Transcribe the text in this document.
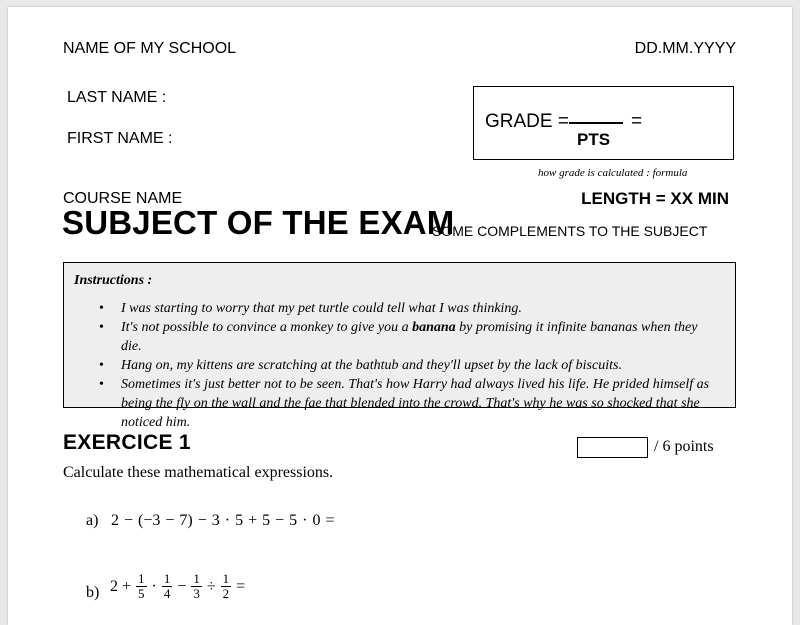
NAME OF MY SCHOOL	DD.MM.YYYY
LAST NAME :
FIRST NAME :
GRADE =	=
PTS
how grade is calculated : formula
COURSE NAME	LENGTH = XX MIN
SUBJECT OF THE EXAM
SOME COMPLEMENTS TO THE SUBJECT
Instructions :
• I was starting to worry that my pet turtle could tell what I was thinking.
• It's not possible to convince a monkey to give you a banana by promising it infinite bananas when they die.
• Hang on, my kittens are scratching at the bathtub and they'll upset by the lack of biscuits.
• Sometimes it's just better not to be seen. That's how Harry had always lived his life. He prided himself as being the fly on the wall and the fae that blended into the crowd. That's why he was so shocked that she noticed him.
EXERCICE 1	/ 6 points
Calculate these mathematical expressions.
a) 2 − (−3 − 7) − 3 · 5 + 5 − 5 · 0 =
b) $2 + \frac{1}{5} \cdot \frac{1}{4} - \frac{1}{3} \div \frac{1}{2}$ =
